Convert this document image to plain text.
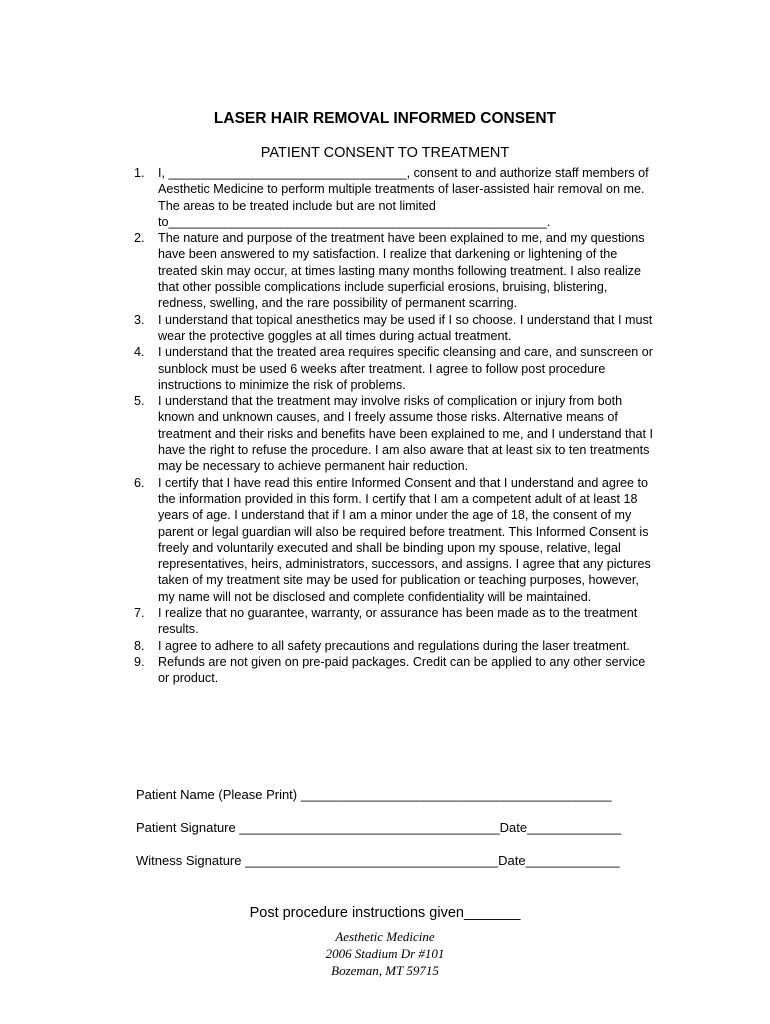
LASER HAIR REMOVAL INFORMED CONSENT
PATIENT CONSENT TO TREATMENT
1. I, __________________________________, consent to and authorize staff members of Aesthetic Medicine to perform multiple treatments of laser-assisted hair removal on me. The areas to be treated include but are not limited to______________________________________________________.
2. The nature and purpose of the treatment have been explained to me, and my questions have been answered to my satisfaction. I realize that darkening or lightening of the treated skin may occur, at times lasting many months following treatment. I also realize that other possible complications include superficial erosions, bruising, blistering, redness, swelling, and the rare possibility of permanent scarring.
3. I understand that topical anesthetics may be used if I so choose. I understand that I must wear the protective goggles at all times during actual treatment.
4. I understand that the treated area requires specific cleansing and care, and sunscreen or sunblock must be used 6 weeks after treatment. I agree to follow post procedure instructions to minimize the risk of problems.
5. I understand that the treatment may involve risks of complication or injury from both known and unknown causes, and I freely assume those risks. Alternative means of treatment and their risks and benefits have been explained to me, and I understand that I have the right to refuse the procedure. I am also aware that at least six to ten treatments may be necessary to achieve permanent hair reduction.
6. I certify that I have read this entire Informed Consent and that I understand and agree to the information provided in this form. I certify that I am a competent adult of at least 18 years of age. I understand that if I am a minor under the age of 18, the consent of my parent or legal guardian will also be required before treatment. This Informed Consent is freely and voluntarily executed and shall be binding upon my spouse, relative, legal representatives, heirs, administrators, successors, and assigns. I agree that any pictures taken of my treatment site may be used for publication or teaching purposes, however, my name will not be disclosed and complete confidentiality will be maintained.
7. I realize that no guarantee, warranty, or assurance has been made as to the treatment results.
8. I agree to adhere to all safety precautions and regulations during the laser treatment.
9. Refunds are not given on pre-paid packages. Credit can be applied to any other service or product.
Patient Name (Please Print) ___________________________________________
Patient Signature ____________________________________Date_____________
Witness Signature ___________________________________Date_____________
Post procedure instructions given_______
Aesthetic Medicine
2006 Stadium Dr #101
Bozeman, MT 59715
